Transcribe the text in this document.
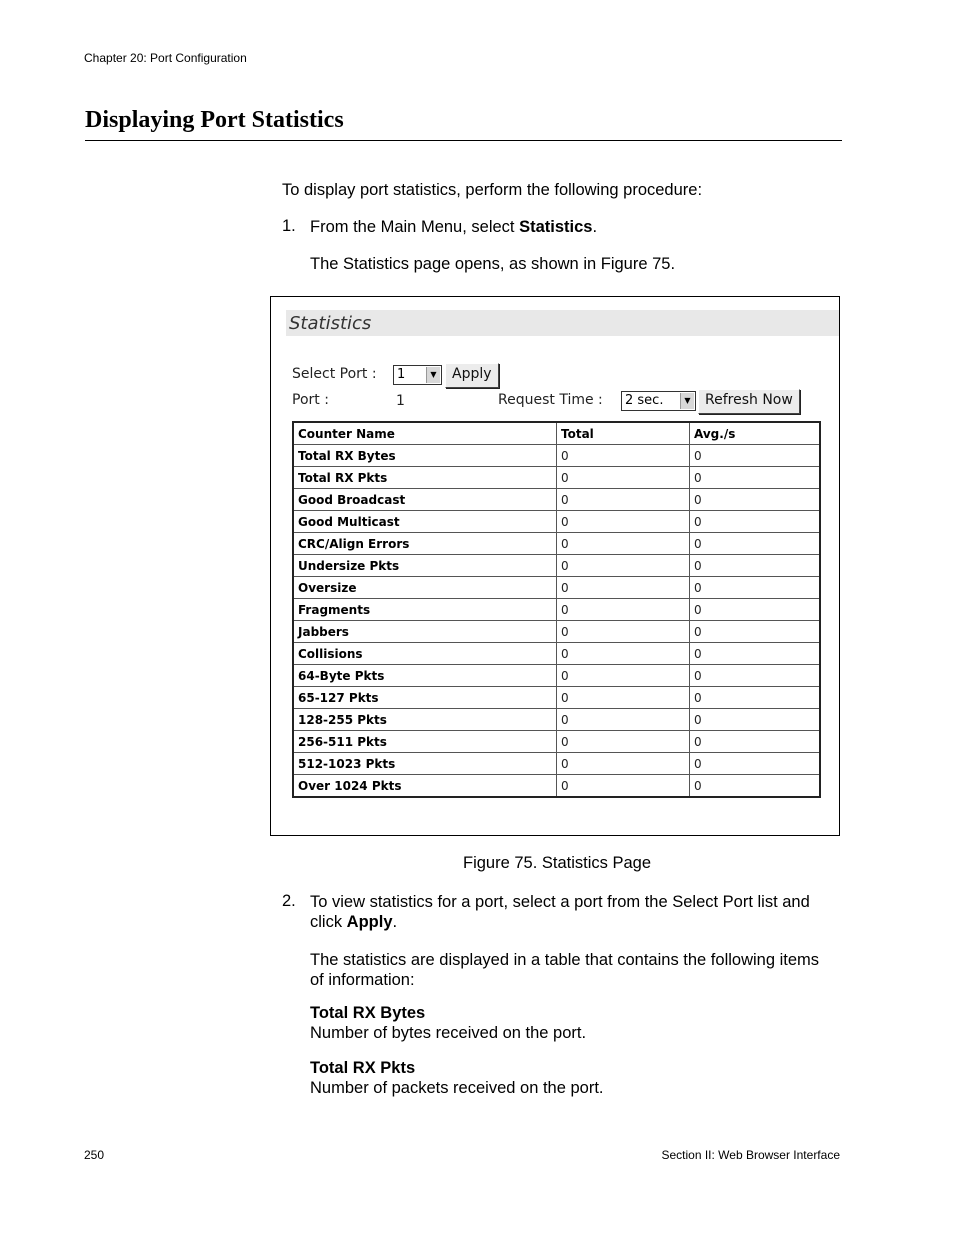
Chapter 20: Port Configuration
Displaying Port Statistics
To display port statistics, perform the following procedure:
1. From the Main Menu, select Statistics.
The Statistics page opens, as shown in Figure 75.
Statistics
Select Port : 1	▼	Apply
Port :	1	Request Time : 2 sec.	▼	Refresh Now
Counter Name	Total	Avg./s
Total RX Bytes	0	0
Total RX Pkts	0	0
Good Broadcast	0	0
Good Multicast	0	0
CRC/Align Errors	0	0
Undersize Pkts	0	0
Oversize	0	0
Fragments	0	0
Jabbers	0	0
Collisions	0	0
64-Byte Pkts	0	0
65-127 Pkts	0	0
128-255 Pkts	0	0
256-511 Pkts	0	0
512-1023 Pkts	0	0
Over 1024 Pkts	0	0
Figure 75. Statistics Page
2. To view statistics for a port, select a port from the Select Port list and
click Apply.
The statistics are displayed in a table that contains the following items
of information:
Total RX Bytes
Number of bytes received on the port.
Total RX Pkts
Number of packets received on the port.
250	Section II: Web Browser Interface
